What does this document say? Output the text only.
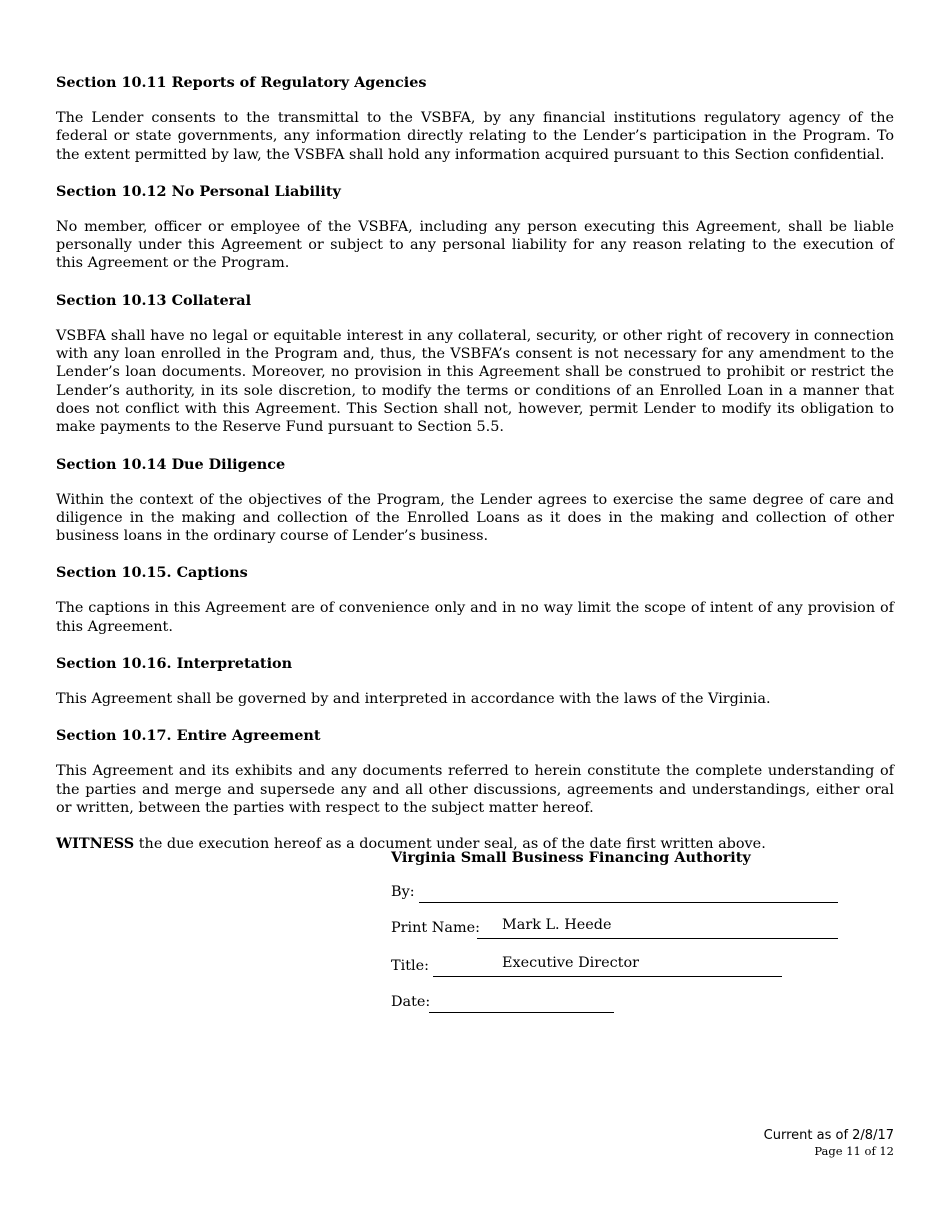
Section 10.11 Reports of Regulatory Agencies
The Lender consents to the transmittal to the VSBFA, by any financial institutions regulatory agency of the federal or state governments, any information directly relating to the Lender’s participation in the Program. To the extent permitted by law, the VSBFA shall hold any information acquired pursuant to this Section confidential.
Section 10.12 No Personal Liability
No member, officer or employee of the VSBFA, including any person executing this Agreement, shall be liable personally under this Agreement or subject to any personal liability for any reason relating to the execution of this Agreement or the Program.
Section 10.13 Collateral
VSBFA shall have no legal or equitable interest in any collateral, security, or other right of recovery in connection with any loan enrolled in the Program and, thus, the VSBFA’s consent is not necessary for any amendment to the Lender’s loan documents. Moreover, no provision in this Agreement shall be construed to prohibit or restrict the Lender’s authority, in its sole discretion, to modify the terms or conditions of an Enrolled Loan in a manner that does not conflict with this Agreement. This Section shall not, however, permit Lender to modify its obligation to make payments to the Reserve Fund pursuant to Section 5.5.
Section 10.14 Due Diligence
Within the context of the objectives of the Program, the Lender agrees to exercise the same degree of care and diligence in the making and collection of the Enrolled Loans as it does in the making and collection of other business loans in the ordinary course of Lender’s business.
Section 10.15. Captions
The captions in this Agreement are of convenience only and in no way limit the scope of intent of any provision of this Agreement.
Section 10.16. Interpretation
This Agreement shall be governed by and interpreted in accordance with the laws of the Virginia.
Section 10.17. Entire Agreement
This Agreement and its exhibits and any documents referred to herein constitute the complete understanding of the parties and merge and supersede any and all other discussions, agreements and understandings, either oral or written, between the parties with respect to the subject matter hereof.
WITNESS the due execution hereof as a document under seal, as of the date first written above.
Virginia Small Business Financing Authority
By:
Print Name: Mark L. Heede
Title:	Executive Director
Date:
Current as of 2/8/17
Page 11 of 12
